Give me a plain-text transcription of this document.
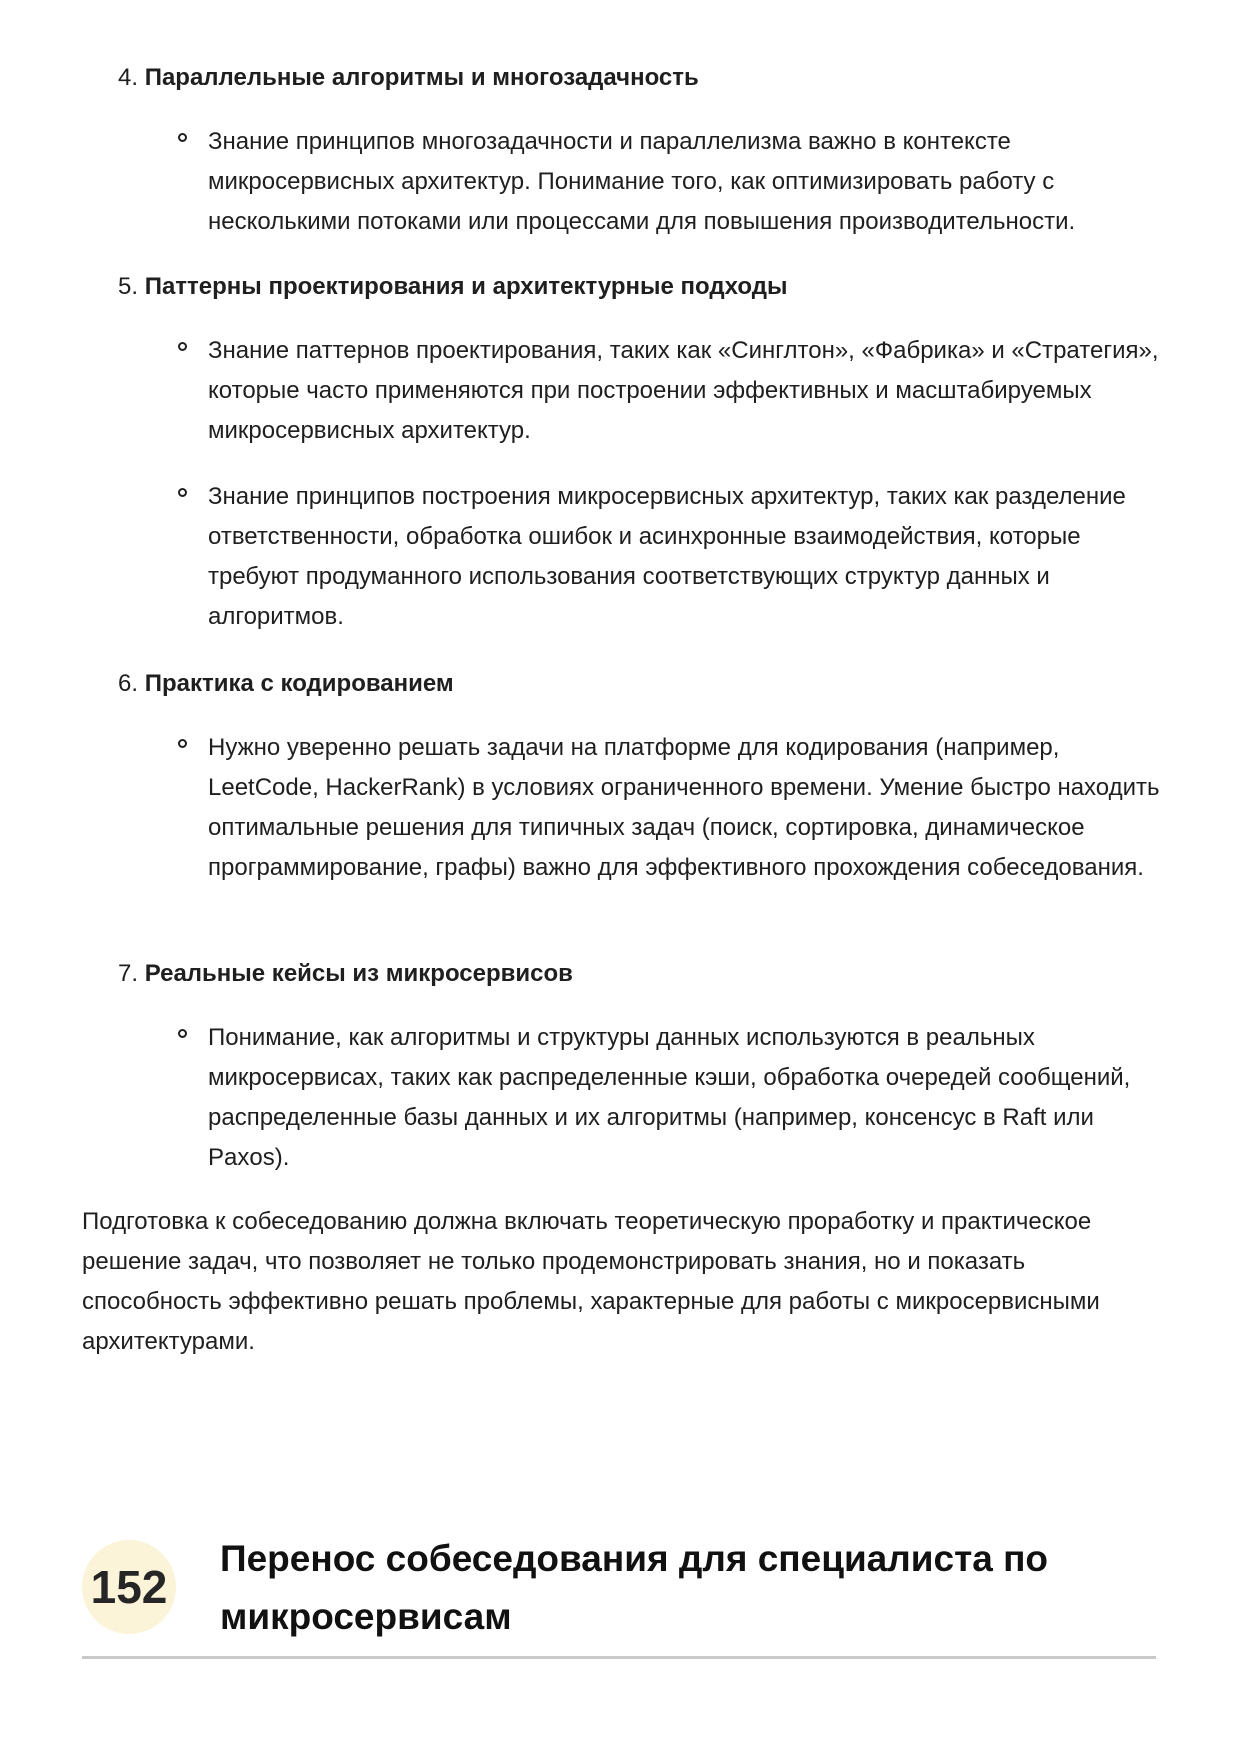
4. Параллельные алгоритмы и многозадачность

Знание принципов многозадачности и параллелизма важно в контексте микросервисных архитектур. Понимание того, как оптимизировать работу с несколькими потоками или процессами для повышения производительности.

5. Паттерны проектирования и архитектурные подходы

Знание паттернов проектирования, таких как «Синглтон», «Фабрика» и «Стратегия», которые часто применяются при построении эффективных и масштабируемых микросервисных архитектур.

Знание принципов построения микросервисных архитектур, таких как разделение ответственности, обработка ошибок и асинхронные взаимодействия, которые требуют продуманного использования соответствующих структур данных и алгоритмов.

6. Практика с кодированием

Нужно уверенно решать задачи на платформе для кодирования (например, LeetCode, HackerRank) в условиях ограниченного времени. Умение быстро находить оптимальные решения для типичных задач (поиск, сортировка, динамическое программирование, графы) важно для эффективного прохождения собеседования.

7. Реальные кейсы из микросервисов

Понимание, как алгоритмы и структуры данных используются в реальных микросервисах, таких как распределенные кэши, обработка очередей сообщений, распределенные базы данных и их алгоритмы (например, консенсус в Raft или Paxos).

Подготовка к собеседованию должна включать теоретическую проработку и практическое решение задач, что позволяет не только продемонстрировать знания, но и показать способность эффективно решать проблемы, характерные для работы с микросервисными архитектурами.

152
Перенос собеседования для специалиста по микросервисам
